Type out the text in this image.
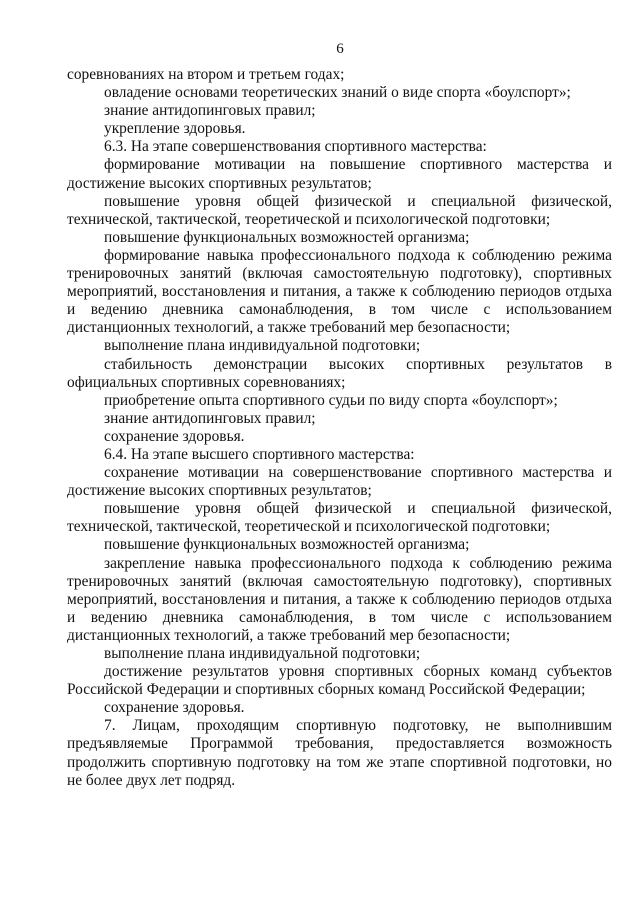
6

соревнованиях на втором и третьем годах;

овладение основами теоретических знаний о виде спорта «боулспорт»;

знание антидопинговых правил;

укрепление здоровья.

6.3. На этапе совершенствования спортивного мастерства:

формирование мотивации на повышение спортивного мастерства и достижение высоких спортивных результатов;

повышение уровня общей физической и специальной физической, технической, тактической, теоретической и психологической подготовки;

повышение функциональных возможностей организма;

формирование навыка профессионального подхода к соблюдению режима тренировочных занятий (включая самостоятельную подготовку), спортивных мероприятий, восстановления и питания, а также к соблюдению периодов отдыха и ведению дневника самонаблюдения, в том числе с использованием дистанционных технологий, а также требований мер безопасности;

выполнение плана индивидуальной подготовки;

стабильность демонстрации высоких спортивных результатов в официальных спортивных соревнованиях;

приобретение опыта спортивного судьи по виду спорта «боулспорт»;

знание антидопинговых правил;

сохранение здоровья.

6.4. На этапе высшего спортивного мастерства:

сохранение мотивации на совершенствование спортивного мастерства и достижение высоких спортивных результатов;

повышение уровня общей физической и специальной физической, технической, тактической, теоретической и психологической подготовки;

повышение функциональных возможностей организма;

закрепление навыка профессионального подхода к соблюдению режима тренировочных занятий (включая самостоятельную подготовку), спортивных мероприятий, восстановления и питания, а также к соблюдению периодов отдыха и ведению дневника самонаблюдения, в том числе с использованием дистанционных технологий, а также требований мер безопасности;

выполнение плана индивидуальной подготовки;

достижение результатов уровня спортивных сборных команд субъектов Российской Федерации и спортивных сборных команд Российской Федерации;

сохранение здоровья.

7. Лицам, проходящим спортивную подготовку, не выполнившим предъявляемые Программой требования, предоставляется возможность продолжить спортивную подготовку на том же этапе спортивной подготовки, но не более двух лет подряд.
